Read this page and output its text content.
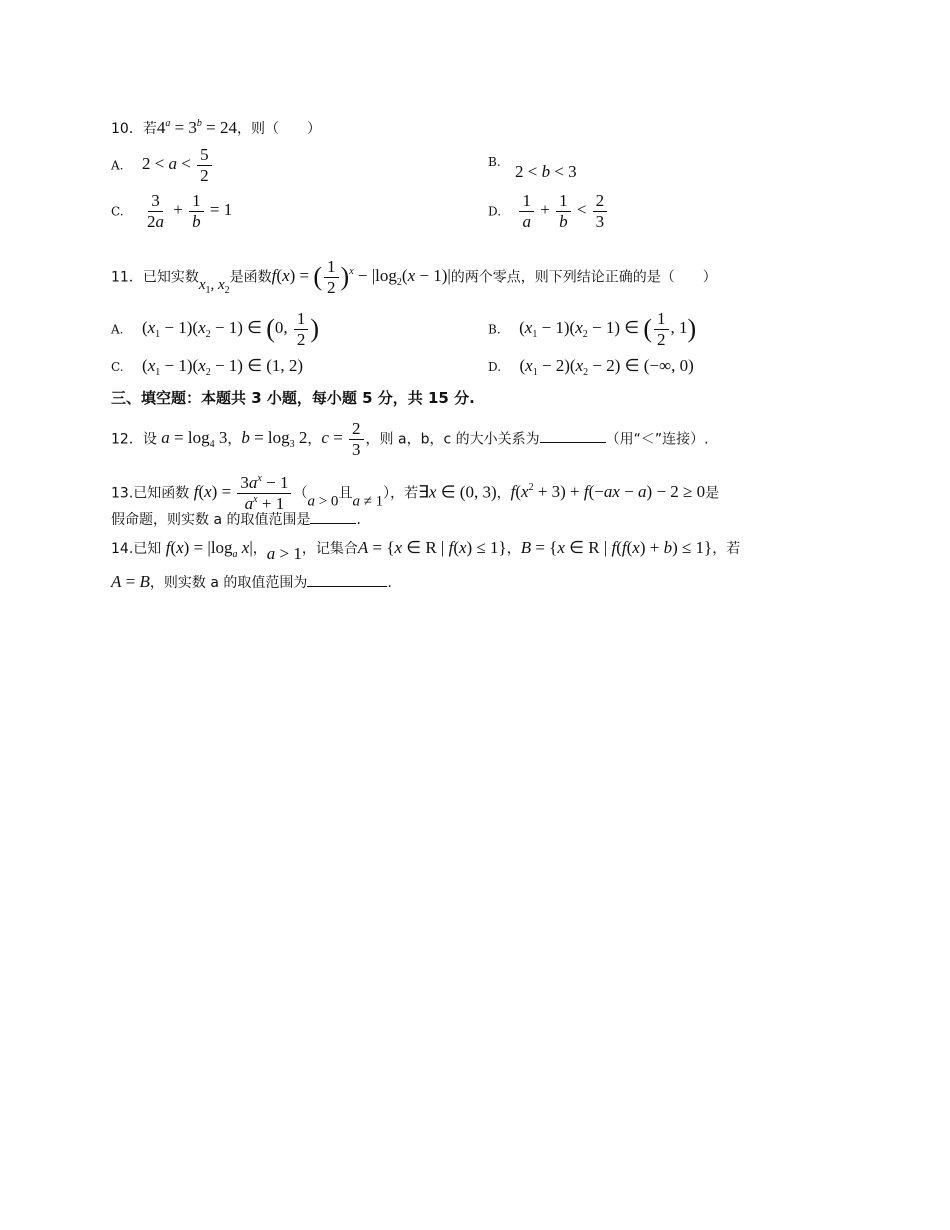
10．若$4^a = 3^b = 24$，则（　　）
A. $2 < a < \frac{5}{2}$	B. 2 < b < 3
C. $\frac{3}{2a} + \frac{1}{b} = 1$	D. $\frac{1}{a} + \frac{1}{b} < \frac{2}{3}$
11．已知实数$x_1$, $x_2$是函数f(x) = ( $\frac{1}{2} )^x - |\log_2(x - 1)|$的两个零点，则下列结论正确的是（　　）
A. $(x_1 - 1)(x_2 - 1)$ ∈ (0, $\frac{1}{2}$ )	B. $(x_1 - 1)(x_2 - 1)$ ∈ ( $\frac{1}{2}$ , 1)
C. $(x_1 - 1)(x_2 - 1)$ ∈ (1, 2)	D. $(x_1 - 2)(x_2 - 2)$ ∈ (−∞, 0)
三、填空题：本题共 3 小题，每小题 5 分，共 15 分.
12．设 $a = \log_4 3$，$b = \log_3 2$，$c = \frac{2}{3}$ ，则 a，b，c 的大小关系为	（用“＜”连接）.
13.已知函数 $f(x) = \frac{3a^x - 1}{a^x + 1} (a > 0$且a ≠ 1），若∃x ∈ (0, 3)，$f(x^2 + 3) + f(-ax - a) - 2 \ge 0$是
假命题，则实数 a 的取值范围是	.
14.已知 $f(x) = |\log_a$ x|，a > 1，记集合A = {x ∈ R | f(x) ≤ 1}，B = {x ∈ R | f(f(x) + b) ≤ 1}，若
A = B，则实数 a 的取值范围为	.
